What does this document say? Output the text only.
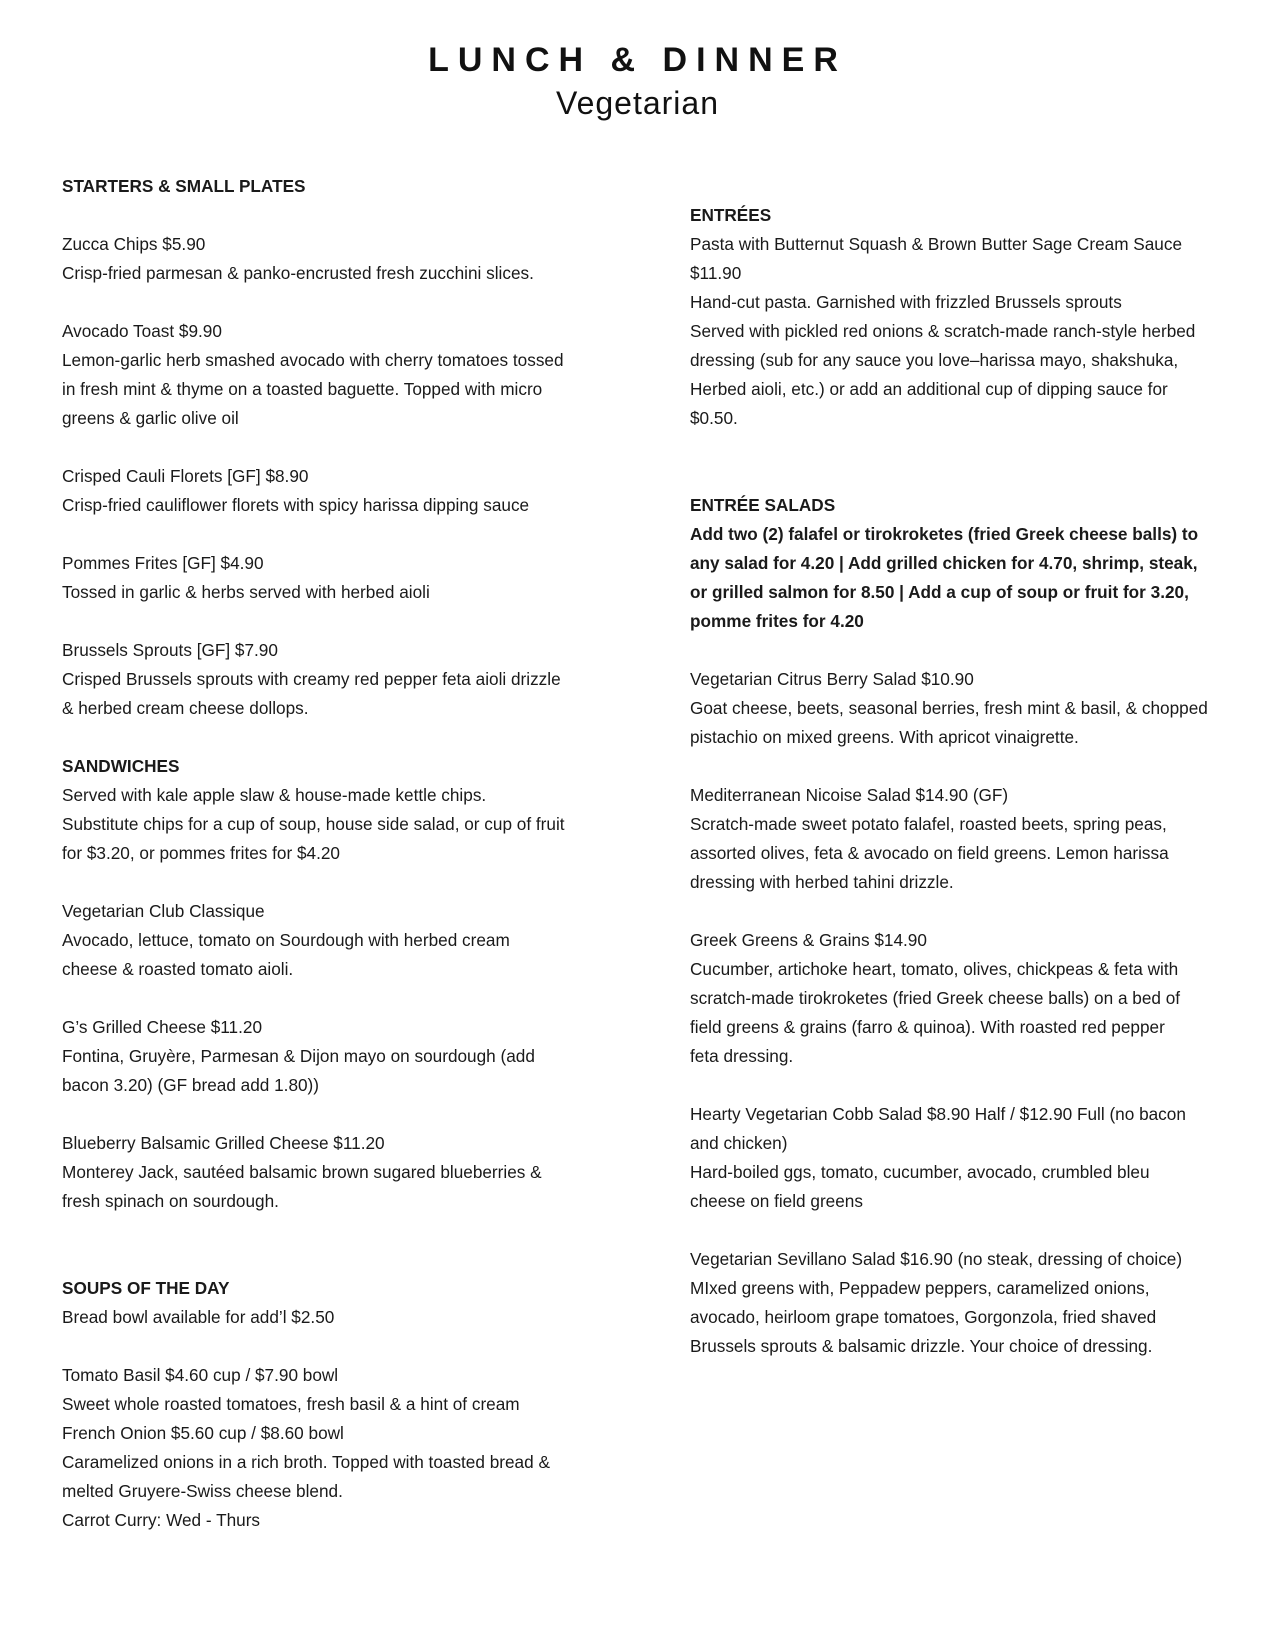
LUNCH & DINNER
Vegetarian
STARTERS & SMALL PLATES
Zucca Chips $5.90
Crisp-fried parmesan & panko-encrusted fresh zucchini slices.
Avocado Toast $9.90
Lemon-garlic herb smashed avocado with cherry tomatoes tossed
in fresh mint & thyme on a toasted baguette. Topped with micro
greens & garlic olive oil
Crisped Cauli Florets [GF] $8.90
Crisp-fried cauliflower florets with spicy harissa dipping sauce
Pommes Frites [GF] $4.90
Tossed in garlic & herbs served with herbed aioli
Brussels Sprouts [GF] $7.90
Crisped Brussels sprouts with creamy red pepper feta aioli drizzle
& herbed cream cheese dollops.
SANDWICHES
Served with kale apple slaw & house-made kettle chips.
Substitute chips for a cup of soup, house side salad, or cup of fruit
for $3.20, or pommes frites for $4.20
Vegetarian Club Classique
Avocado, lettuce, tomato on Sourdough with herbed cream
cheese & roasted tomato aioli.
G’s Grilled Cheese $11.20
Fontina, Gruyère, Parmesan & Dijon mayo on sourdough (add
bacon 3.20) (GF bread add 1.80))
Blueberry Balsamic Grilled Cheese $11.20
Monterey Jack, sautéed balsamic brown sugared blueberries &
fresh spinach on sourdough.
SOUPS OF THE DAY
Bread bowl available for add’l $2.50
Tomato Basil $4.60 cup / $7.90 bowl
Sweet whole roasted tomatoes, fresh basil & a hint of cream
French Onion $5.60 cup / $8.60 bowl
Caramelized onions in a rich broth. Topped with toasted bread &
melted Gruyere-Swiss cheese blend.
Carrot Curry: Wed - Thurs
ENTRÉES
Pasta with Butternut Squash & Brown Butter Sage Cream Sauce
$11.90
Hand-cut pasta. Garnished with frizzled Brussels sprouts
Served with pickled red onions & scratch-made ranch-style herbed
dressing (sub for any sauce you love–harissa mayo, shakshuka,
Herbed aioli, etc.) or add an additional cup of dipping sauce for
$0.50.
ENTRÉE SALADS
Add two (2) falafel or tirokroketes (fried Greek cheese balls) to
any salad for 4.20 | Add grilled chicken for 4.70, shrimp, steak,
or grilled salmon for 8.50 | Add a cup of soup or fruit for 3.20,
pomme frites for 4.20
Vegetarian Citrus Berry Salad $10.90
Goat cheese, beets, seasonal berries, fresh mint & basil, & chopped
pistachio on mixed greens. With apricot vinaigrette.
Mediterranean Nicoise Salad $14.90 (GF)
Scratch-made sweet potato falafel, roasted beets, spring peas,
assorted olives, feta & avocado on field greens. Lemon harissa
dressing with herbed tahini drizzle.
Greek Greens & Grains $14.90
Cucumber, artichoke heart, tomato, olives, chickpeas & feta with
scratch-made tirokroketes (fried Greek cheese balls) on a bed of
field greens & grains (farro & quinoa). With roasted red pepper
feta dressing.
Hearty Vegetarian Cobb Salad $8.90 Half / $12.90 Full (no bacon
and chicken)
Hard-boiled ggs, tomato, cucumber, avocado, crumbled bleu
cheese on field greens
Vegetarian Sevillano Salad $16.90 (no steak, dressing of choice)
MIxed greens with, Peppadew peppers, caramelized onions,
avocado, heirloom grape tomatoes, Gorgonzola, fried shaved
Brussels sprouts & balsamic drizzle. Your choice of dressing.
